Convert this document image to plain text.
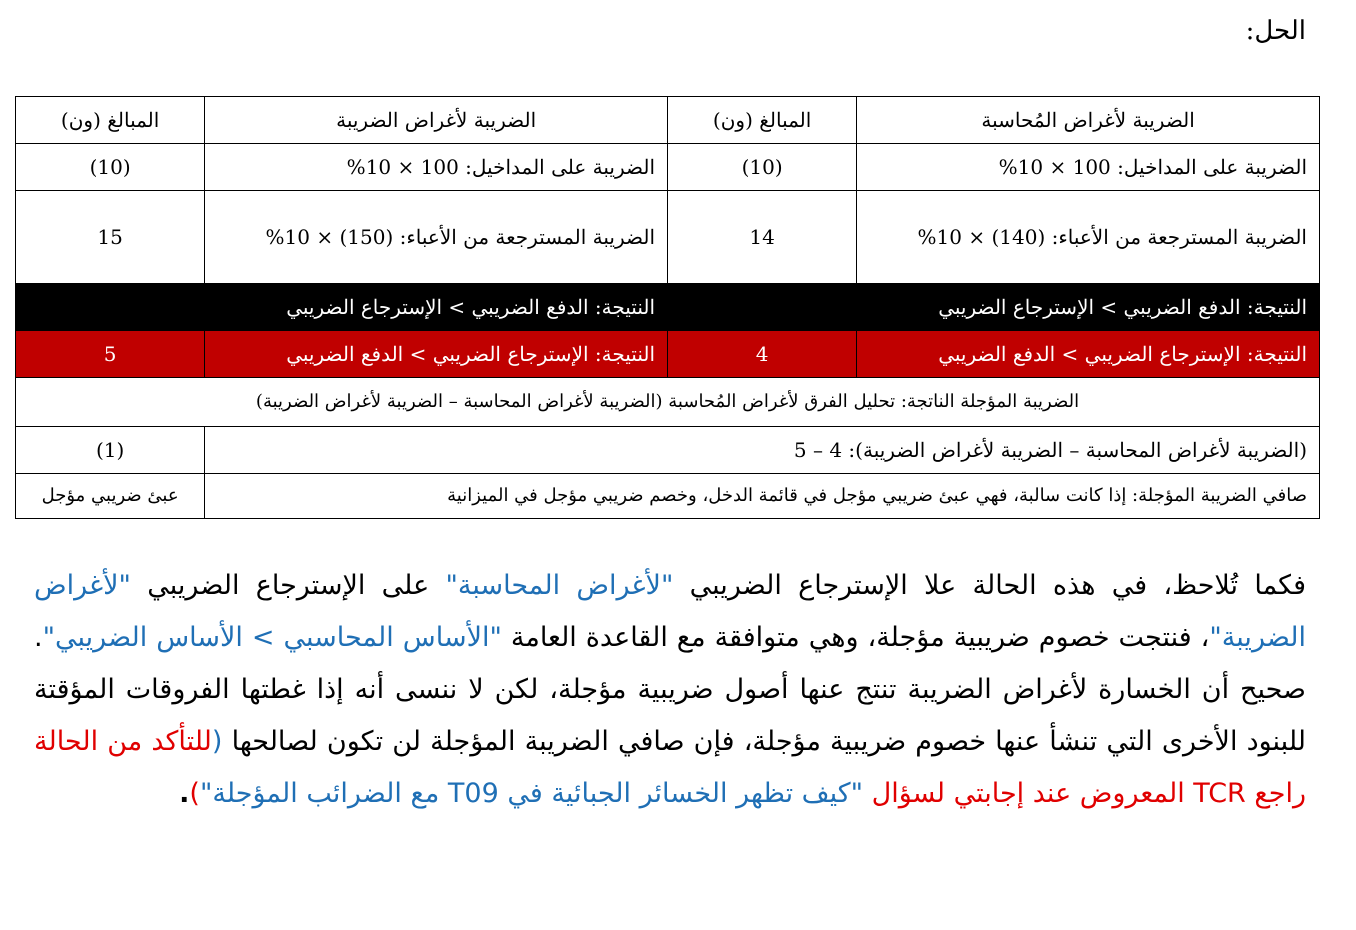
الحل:
الضريبة لأغراض المُحاسبة	المبالغ (ون)	الضريبة لأغراض الضريبة	المبالغ (ون)
الضريبة على المداخيل: 100 × 10%	(10)	الضريبة على المداخيل: 100 × 10%	(10)
الضريبة المسترجعة من الأعباء: (140) × 10%	14	الضريبة المسترجعة من الأعباء: (150) × 10%	15
النتيجة: الدفع الضريبي > الإسترجاع الضريبي		النتيجة: الدفع الضريبي > الإسترجاع الضريبي	
النتيجة: الإسترجاع الضريبي > الدفع الضريبي	4	النتيجة: الإسترجاع الضريبي > الدفع الضريبي	5
الضريبة المؤجلة الناتجة: تحليل الفرق لأغراض المُحاسبة (الضريبة لأغراض المحاسبة – الضريبة لأغراض الضريبة)			
(الضريبة لأغراض المحاسبة – الضريبة لأغراض الضريبة): 4 – 5			(1)
صافي الضريبة المؤجلة: إذا كانت سالبة، فهي عبئ ضريبي مؤجل في قائمة الدخل، وخصم ضريبي مؤجل في الميزانية			عبئ ضريبي مؤجل
فكما تُلاحظ، في هذه الحالة علا الإسترجاع الضريبي "لأغراض المحاسبة" على الإسترجاع الضريبي "لأغراض الضريبة"، فنتجت خصوم ضريبية مؤجلة، وهي متوافقة مع القاعدة العامة "الأساس المحاسبي > الأساس الضريبي". صحيح أن الخسارة لأغراض الضريبة تنتج عنها أصول ضريبية مؤجلة، لكن لا ننسى أنه إذا غطتها الفروقات المؤقتة للبنود الأخرى التي تنشأ عنها خصوم ضريبية مؤجلة، فإن صافي الضريبة المؤجلة لن تكون لصالحها (للتأكد من الحالة راجع TCR المعروض عند إجابتي لسؤال "كيف تظهر الخسائر الجبائية في T09 مع الضرائب المؤجلة").
